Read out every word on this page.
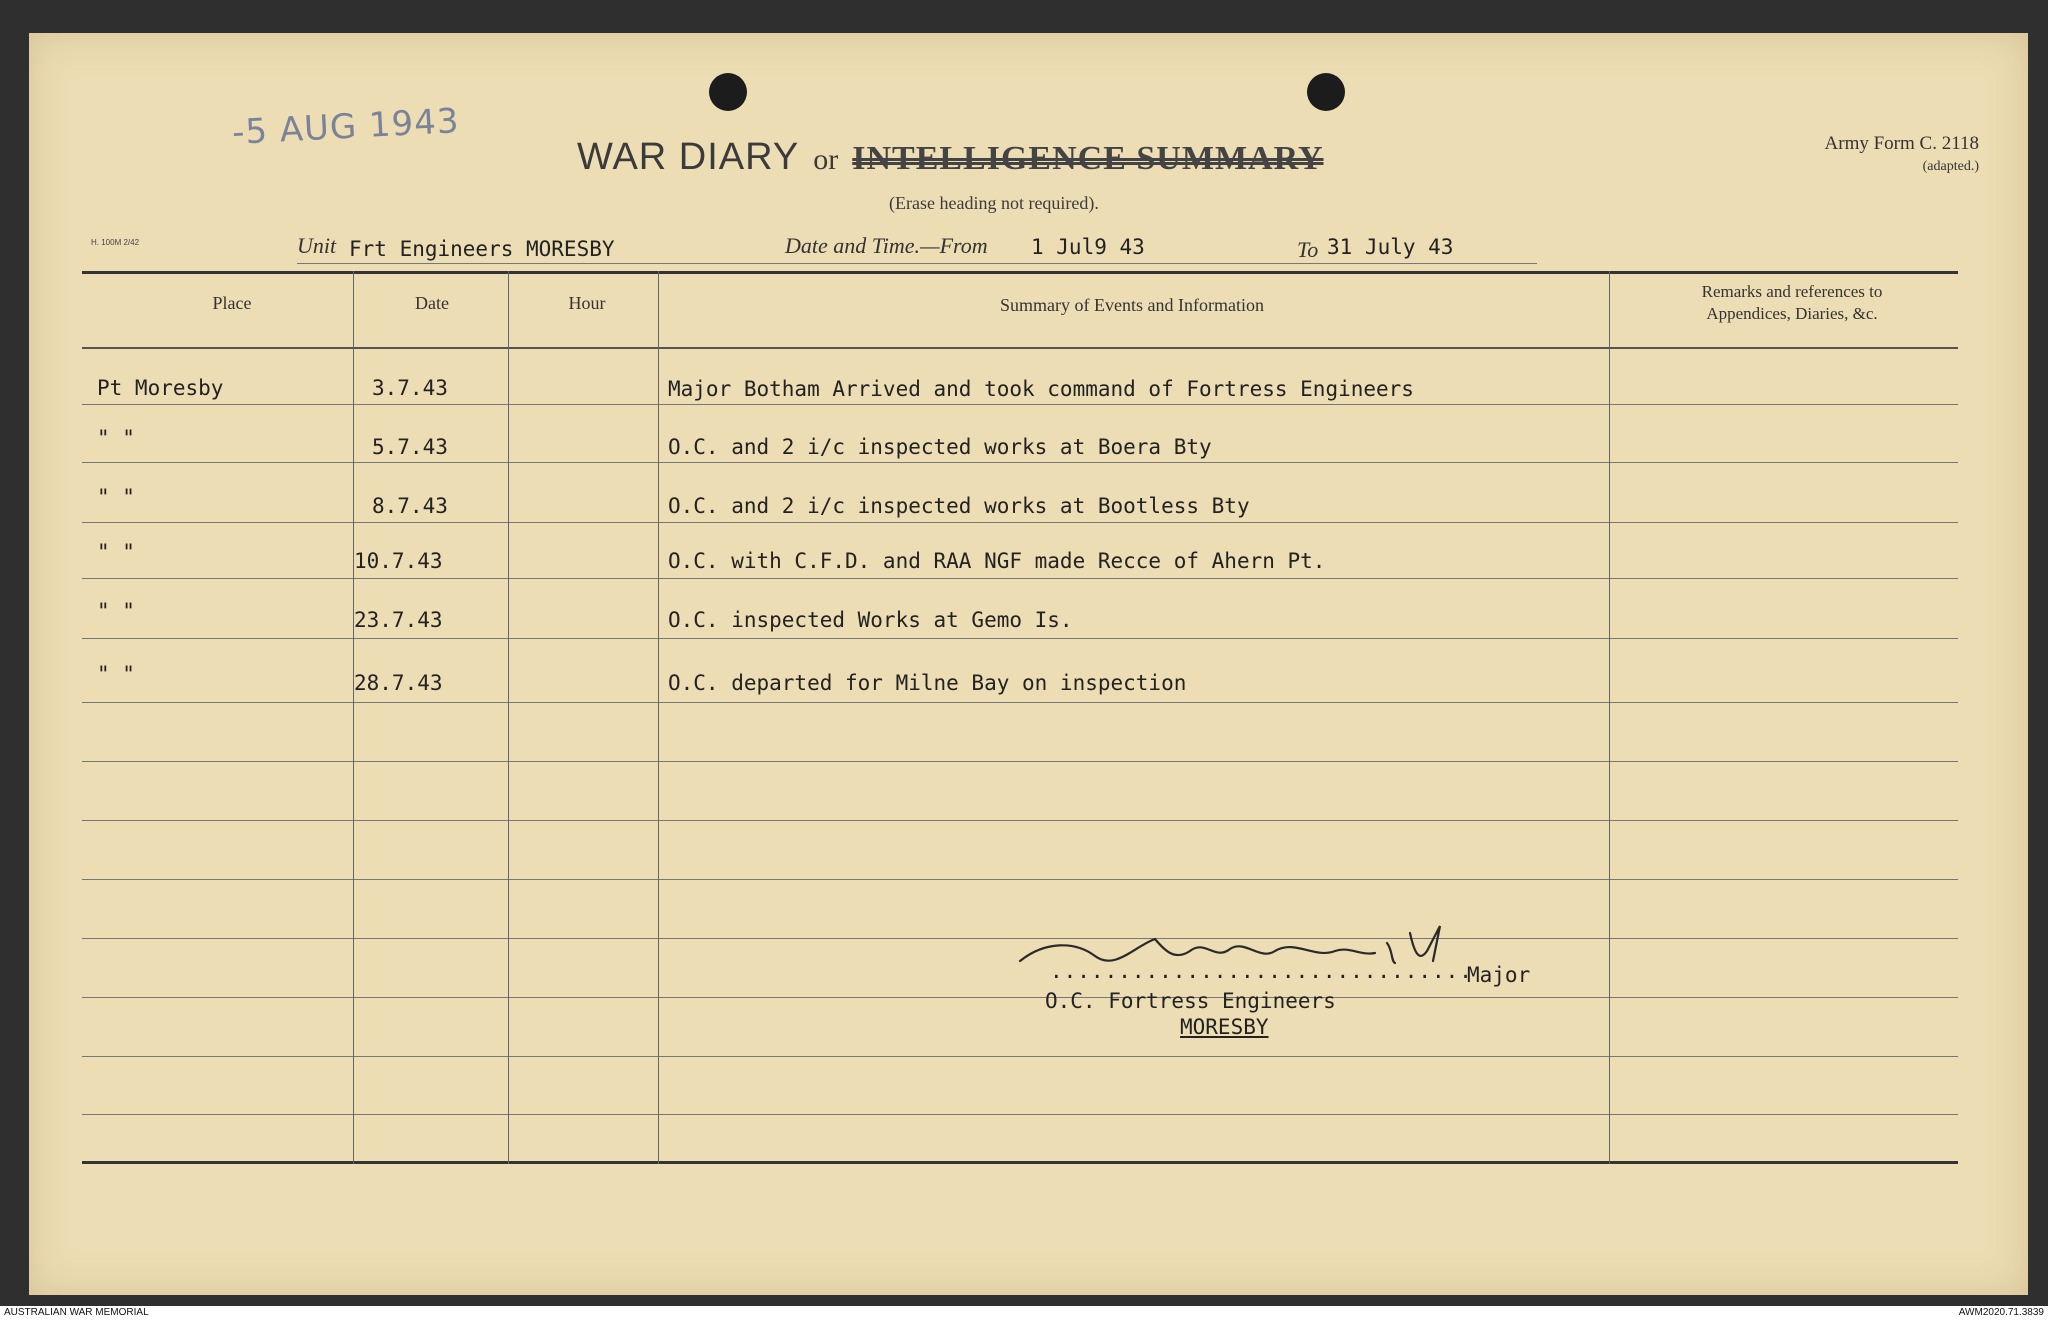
-5 AUG 1943
WAR DIARY or INTELLIGENCE SUMMARY
(Erase heading not required).
Army Form C. 2118
(adapted.)
H. 100M 2/42	Unit Frt Engineers MORESBY	Date and Time.—From 1 Jul9 43	To 31 July 43
Place	Date	Hour	Summary of Events and Information
Remarks and references to
Appendices, Diaries, &c.
Pt Moresby	3.7.43	Major Botham Arrived and took command of Fortress Engineers
" "	5.7.43	O.C. and 2 i/c inspected works at Boera Bty
" "	8.7.43	O.C. and 2 i/c inspected works at Bootless Bty
" "	10.7.43	O.C. with C.F.D. and RAA NGF made Recce of Ahern Pt.
" "	23.7.43	O.C. inspected Works at Gemo Is.
" "	28.7.43	O.C. departed for Milne Bay on inspection
...............................
Major
O.C. Fortress Engineers
MORESBY
AUSTRALIAN WAR MEMORIAL	AWM2020.71.3839
